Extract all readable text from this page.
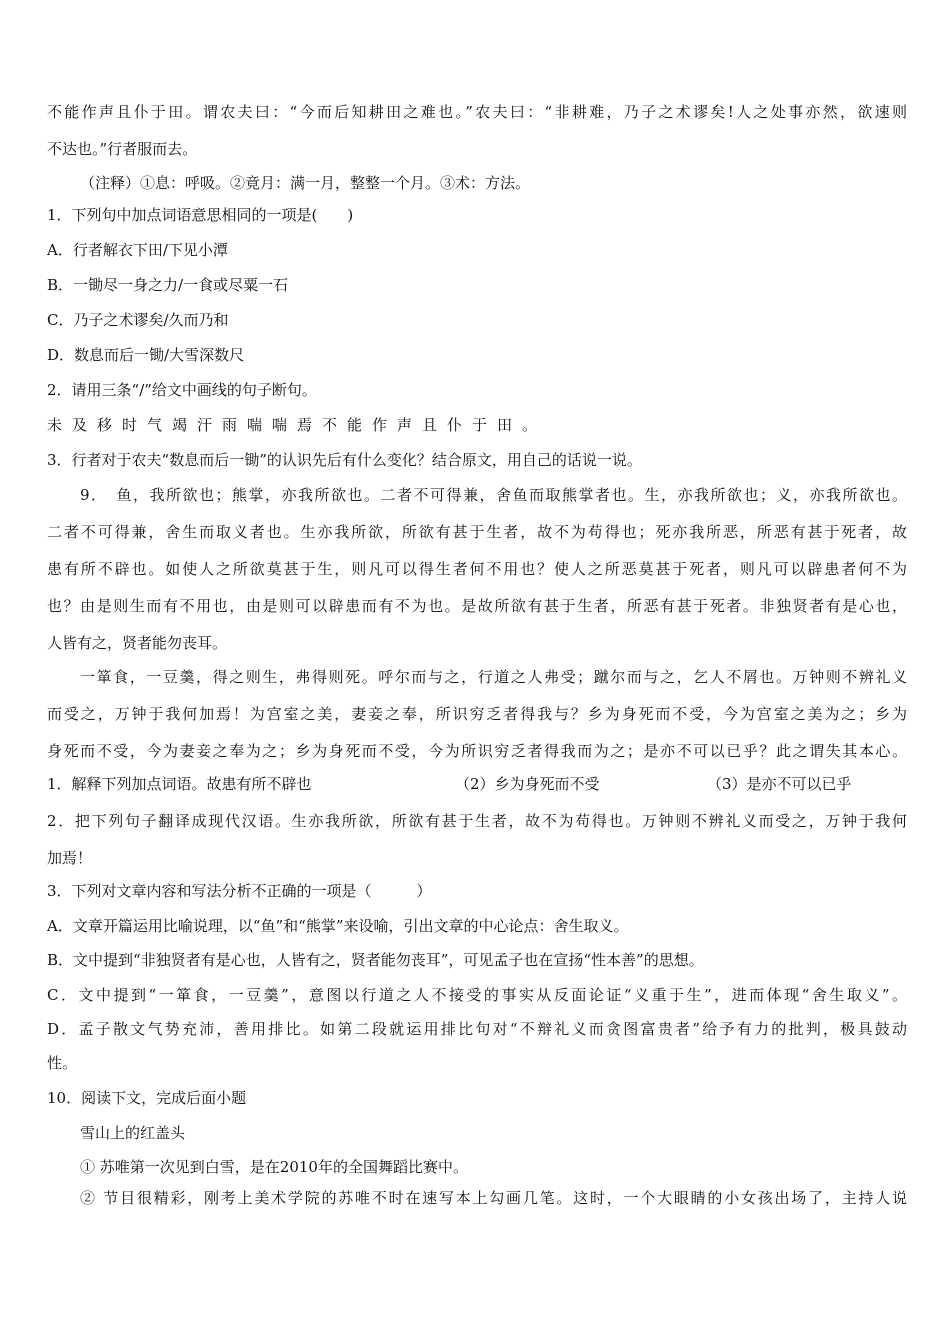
不能作声且仆于田。谓农夫曰：“今而后知耕田之难也。”农夫曰：“非耕难，乃子之术谬矣!人之处事亦然，欲速则
不达也。”行者服而去。
（注释）①息：呼吸。②竟月：满一月，整整一个月。③术：方法。
1．下列句中加点词语意思相同的一项是(　　)
A．行者解衣下田/下见小潭
B．一锄尽一身之力/一食或尽粟一石
C．乃子之术谬矣/久而乃和
D．数息而后一锄/大雪深数尺
2．请用三条“/”给文中画线的句子断句。
未及移时气竭汗雨喘喘焉不能作声且仆于田。
3．行者对于农夫“数息而后一锄”的认识先后有什么变化？结合原文，用自己的话说一说。
9．　鱼，我所欲也；熊掌，亦我所欲也。二者不可得兼，舍鱼而取熊掌者也。生，亦我所欲也；义，亦我所欲也。
二者不可得兼，舍生而取义者也。生亦我所欲，所欲有甚于生者，故不为苟得也；死亦我所恶，所恶有甚于死者，故
患有所不辟也。如使人之所欲莫甚于生，则凡可以得生者何不用也？使人之所恶莫甚于死者，则凡可以辟患者何不为
也？由是则生而有不用也，由是则可以辟患而有不为也。是故所欲有甚于生者，所恶有甚于死者。非独贤者有是心也，
人皆有之，贤者能勿丧耳。
一箪食，一豆羹，得之则生，弗得则死。呼尔而与之，行道之人弗受；蹴尔而与之，乞人不屑也。万钟则不辨礼义
而受之，万钟于我何加焉！为宫室之美，妻妾之奉，所识穷乏者得我与？乡为身死而不受，今为宫室之美为之；乡为
身死而不受，今为妻妾之奉为之；乡为身死而不受，今为所识穷乏者得我而为之；是亦不可以已乎？此之谓失其本心。
1．解释下列加点词语。故患有所不辟也	（2）乡为身死而不受	（3）是亦不可以已乎
2．把下列句子翻译成现代汉语。生亦我所欲，所欲有甚于生者，故不为苟得也。万钟则不辨礼义而受之，万钟于我何
加焉！
3．下列对文章内容和写法分析不正确的一项是（　　　）
A．文章开篇运用比喻说理，以“鱼”和“熊掌”来设喻，引出文章的中心论点：舍生取义。
B．文中提到“非独贤者有是心也，人皆有之，贤者能勿丧耳”，可见孟子也在宣扬“性本善”的思想。
C．文中提到“一箪食，一豆羹”，意图以行道之人不接受的事实从反面论证“义重于生”，进而体现“舍生取义”。
D．孟子散文气势充沛，善用排比。如第二段就运用排比句对“不辩礼义而贪图富贵者”给予有力的批判，极具鼓动
性。
10．阅读下文，完成后面小题
雪山上的红盖头
① 苏唯第一次见到白雪，是在2010年的全国舞蹈比赛中。
② 节目很精彩，刚考上美术学院的苏唯不时在速写本上勾画几笔。这时，一个大眼睛的小女孩出场了，主持人说
